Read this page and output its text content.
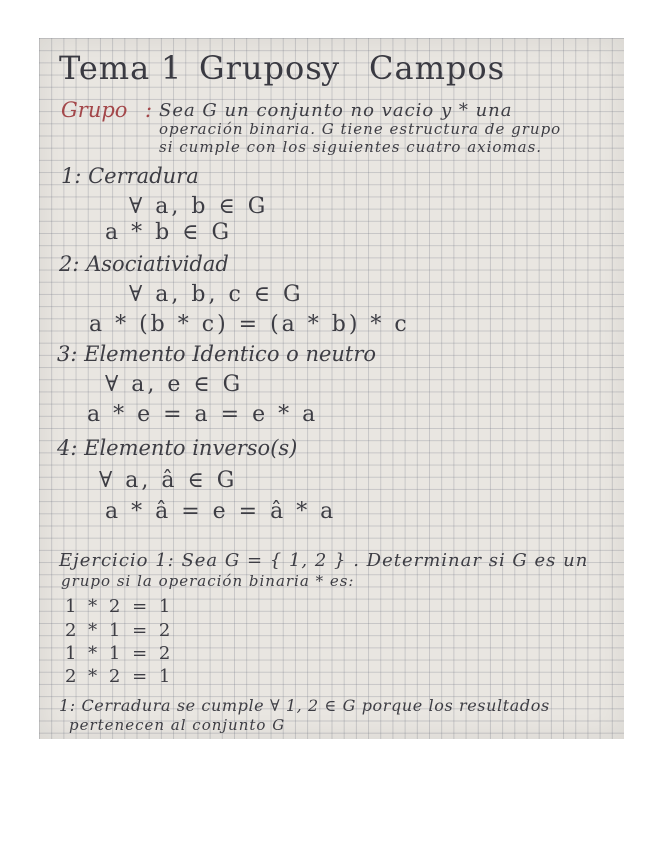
Tema 1 Grupos
y Campos
Grupo : Sea G un conjunto no vacio y * una
operación binaria. G tiene estructura de grupo
si cumple con los siguientes cuatro axiomas.
1: Cerradura
∀ a, b ∈ G
a * b ∈ G
2: Asociatividad
∀ a, b, c ∈ G
a * (b * c) = (a * b) * c
3: Elemento Identico o neutro
∀ a, e ∈ G
a * e = a = e * a
4: Elemento inverso(s)
∀ a, â ∈ G
a * â = e = â * a
Ejercicio 1: Sea G = { 1, 2 } . Determinar si G es un
grupo si la operación binaria * es:
1 * 2 = 1
2 * 1 = 2
1 * 1 = 2
2 * 2 = 1
1: Cerradura se cumple ∀ 1, 2 ∈ G porque los resultados
pertenecen al conjunto G
